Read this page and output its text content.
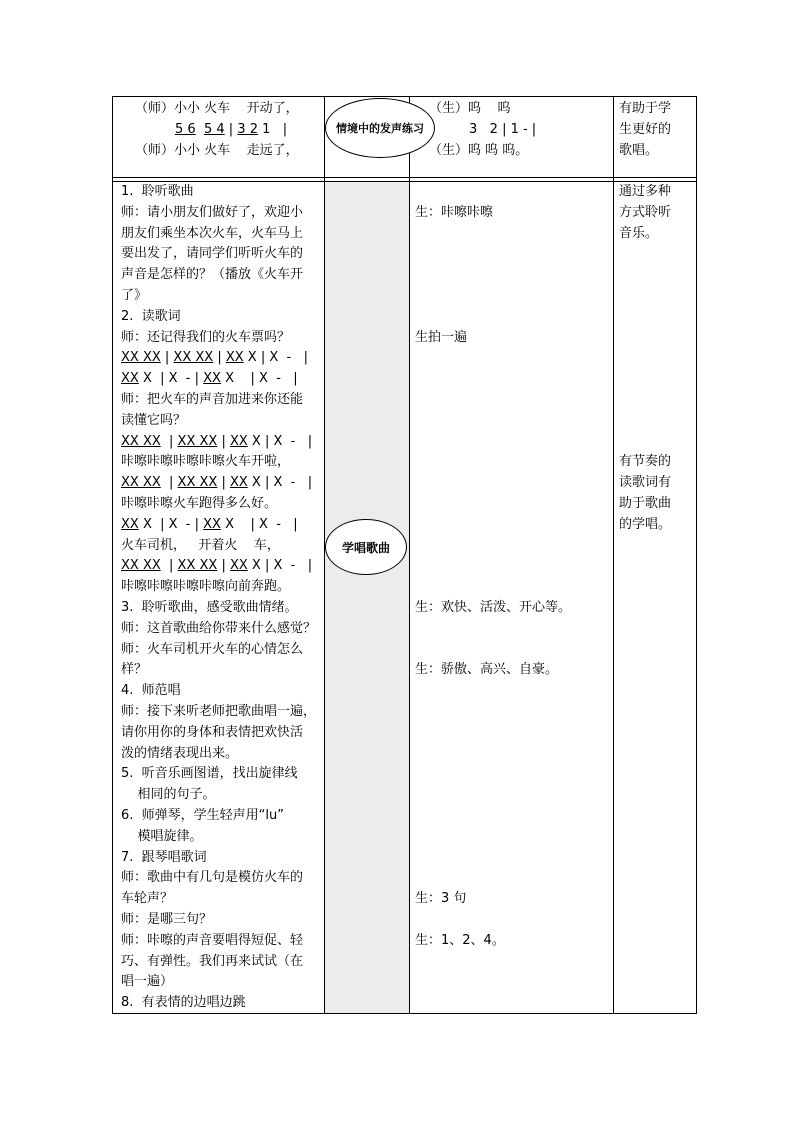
（师）小小 火车    开动了，
5 6 5 4 | 3 2 1   |
（师）小小 火车    走远了，
情境中的发声练习
（生）呜    呜
3   2 | 1 - |
（生）呜 呜 呜。
有助于学
生更好的
歌唱。
1.  聆听歌曲
师：请小朋友们做好了，欢迎小
朋友们乘坐本次火车，火车马上
要出发了，请同学们听听火车的
声音是怎样的？（播放《火车开
了》
2.  读歌词
师：还记得我们的火车票吗？
XX XX | XX XX | XX X | X  -   |
XX X  | X  - | XX X    | X  -   |
师：把火车的声音加进来你还能
读懂它吗？
XX XX  | XX XX | XX X | X  -   |
咔嚓咔嚓咔嚓咔嚓火车开啦，
XX XX  | XX XX | XX X | X  -   |
咔嚓咔嚓火车跑得多么好。
XX X  | X  - | XX X    | X  -   |
火车司机，   开着火    车，
XX XX  | XX XX | XX X | X  -   |
咔嚓咔嚓咔嚓咔嚓向前奔跑。
3.  聆听歌曲，感受歌曲情绪。
师：这首歌曲给你带来什么感觉？
师：火车司机开火车的心情怎么
样？
4.  师范唱
师：接下来听老师把歌曲唱一遍，
请你用你的身体和表情把欢快活
泼的情绪表现出来。
5.  听音乐画图谱，找出旋律线
相同的句子。
6.  师弹琴，学生轻声用“lu”
模唱旋律。
7.  跟琴唱歌词
师：歌曲中有几句是模仿火车的
车轮声？
师：是哪三句？
师：咔嚓的声音要唱得短促、轻
巧、有弹性。我们再来试试（在
唱一遍）
8.  有表情的边唱边跳
学唱歌曲
生：咔嚓咔嚓
生拍一遍
生：欢快、活泼、开心等。
生：骄傲、高兴、自豪。
生：3 句
生：1、2、4。
通过多种
方式聆听
音乐。
有节奏的
读歌词有
助于歌曲
的学唱。
